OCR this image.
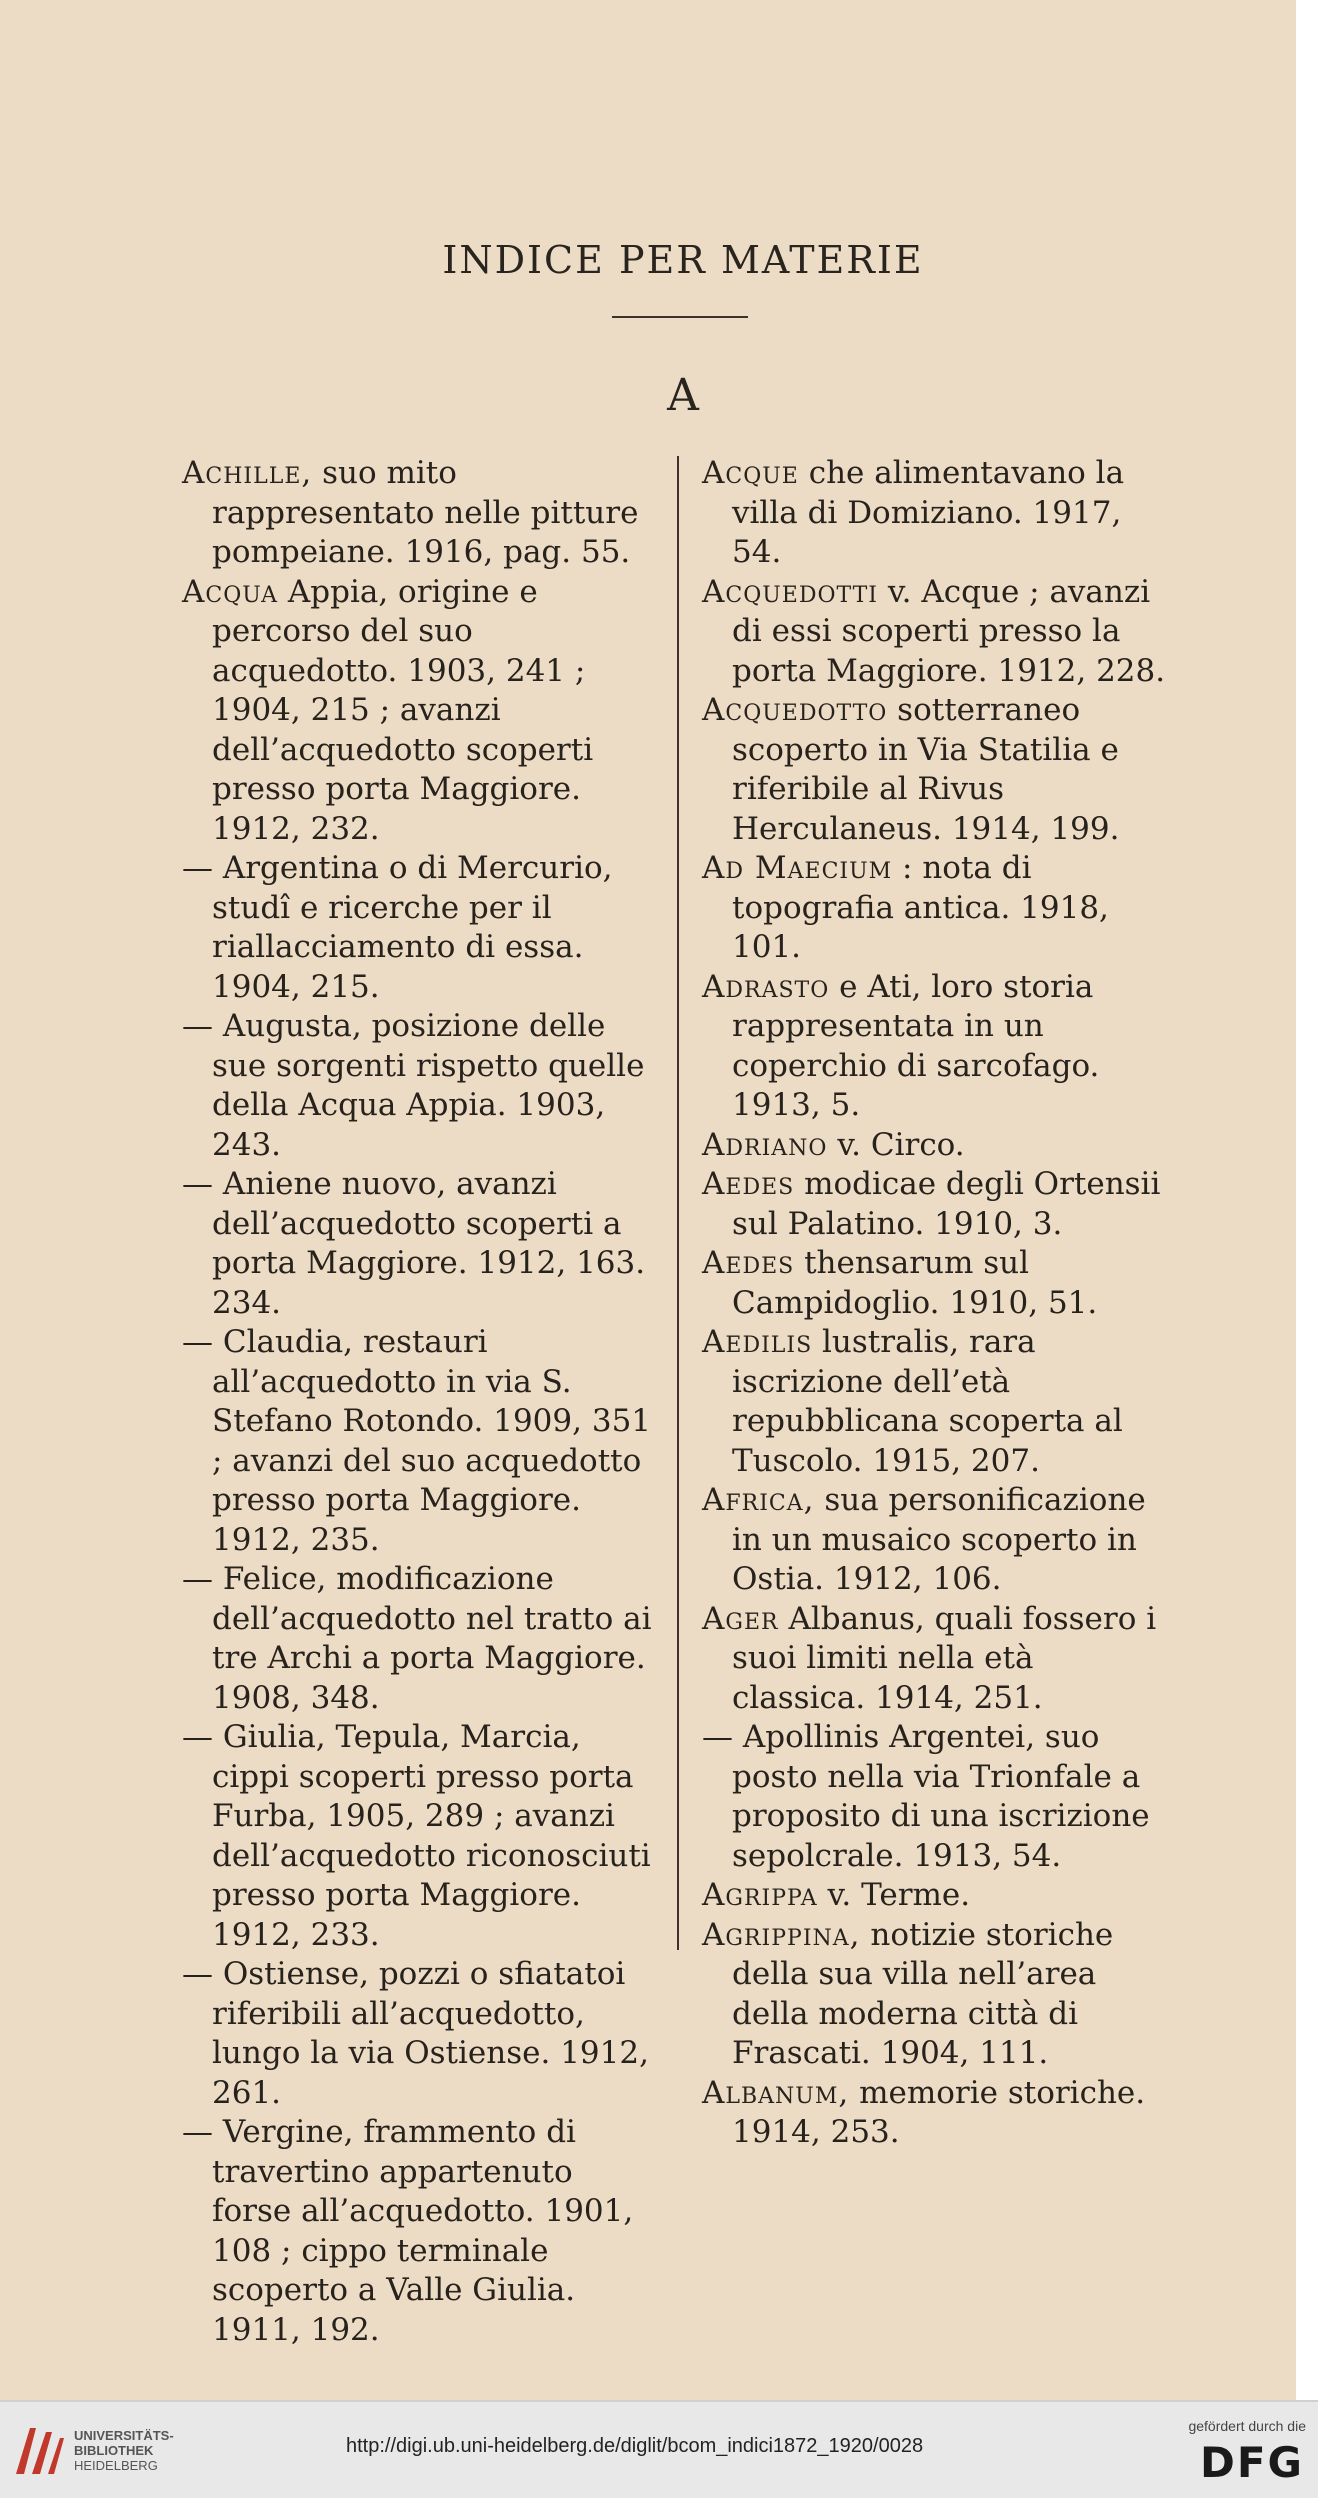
INDICE PER MATERIE
A

Achille, suo mito rappresentato nelle pitture pompeiane. 1916, pag. 55.

Acqua Appia, origine e percorso del suo acquedotto. 1903, 241 ; 1904, 215 ; avanzi dell’acquedotto scoperti presso porta Maggiore. 1912, 232.

— Argentina o di Mercurio, studî e ricerche per il riallacciamento di essa. 1904, 215.

— Augusta, posizione delle sue sorgenti rispetto quelle della Acqua Appia. 1903, 243.

— Aniene nuovo, avanzi dell’acquedotto scoperti a porta Maggiore. 1912, 163. 234.

— Claudia, restauri all’acquedotto in via S. Stefano Rotondo. 1909, 351 ; avanzi del suo acquedotto presso porta Maggiore. 1912, 235.

— Felice, modificazione dell’acquedotto nel tratto ai tre Archi a porta Maggiore. 1908, 348.

— Giulia, Tepula, Marcia, cippi scoperti presso porta Furba, 1905, 289 ; avanzi dell’acquedotto riconosciuti presso porta Maggiore. 1912, 233.

— Ostiense, pozzi o sfiatatoi riferibili all’acquedotto, lungo la via Ostiense. 1912, 261.

— Vergine, frammento di travertino appartenuto forse all’acquedotto. 1901, 108 ; cippo terminale scoperto a Valle Giulia. 1911, 192.

Acque che alimentavano la villa di Domiziano. 1917, 54.

Acquedotti v. Acque ; avanzi di essi scoperti presso la porta Maggiore. 1912, 228.

Acquedotto sotterraneo scoperto in Via Statilia e riferibile al Rivus Herculaneus. 1914, 199.

Ad Maecium : nota di topografia antica. 1918, 101.

Adrasto e Ati, loro storia rappresentata in un coperchio di sarcofago. 1913, 5.

Adriano v. Circo.

Aedes modicae degli Ortensii sul Palatino. 1910, 3.

Aedes thensarum sul Campidoglio. 1910, 51.

Aedilis lustralis, rara iscrizione dell’età repubblicana scoperta al Tuscolo. 1915, 207.

Africa, sua personificazione in un musaico scoperto in Ostia. 1912, 106.

Ager Albanus, quali fossero i suoi limiti nella età classica. 1914, 251.

— Apollinis Argentei, suo posto nella via Trionfale a proposito di una iscrizione sepolcrale. 1913, 54.

Agrippa v. Terme.

Agrippina, notizie storiche della sua villa nell’area della moderna città di Frascati. 1904, 111.

Albanum, memorie storiche. 1914, 253.

UNIVERSITÄTS-
BIBLIOTHEK
HEIDELBERG
http://digi.ub.uni-heidelberg.de/diglit/bcom_indici1872_1920/0028
gefördert durch die
DFG
